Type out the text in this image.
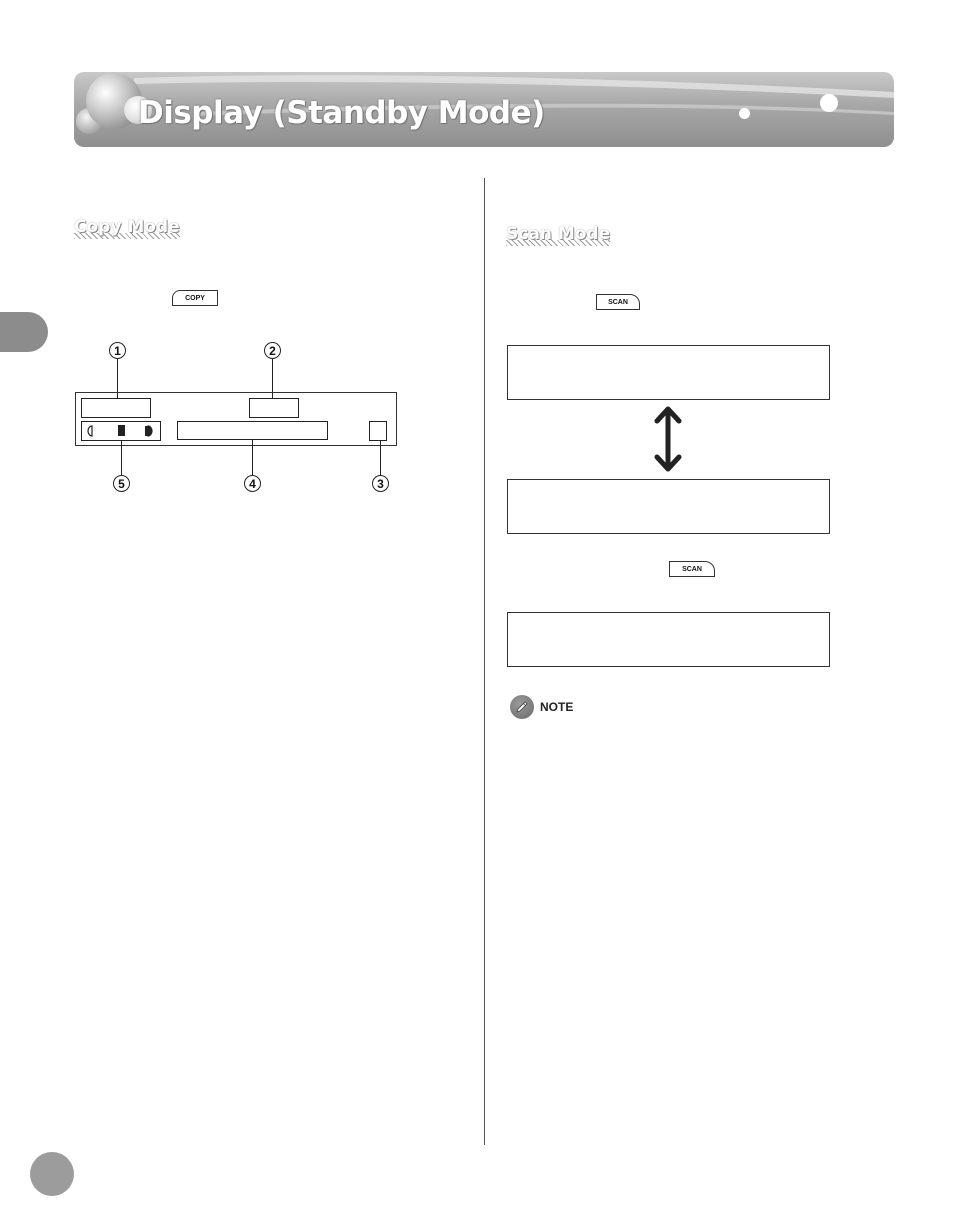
Display (Standby Mode)
Copy Mode
COPY
1	2
5	4	3
Scan Mode
SCAN
SCAN
NOTE
